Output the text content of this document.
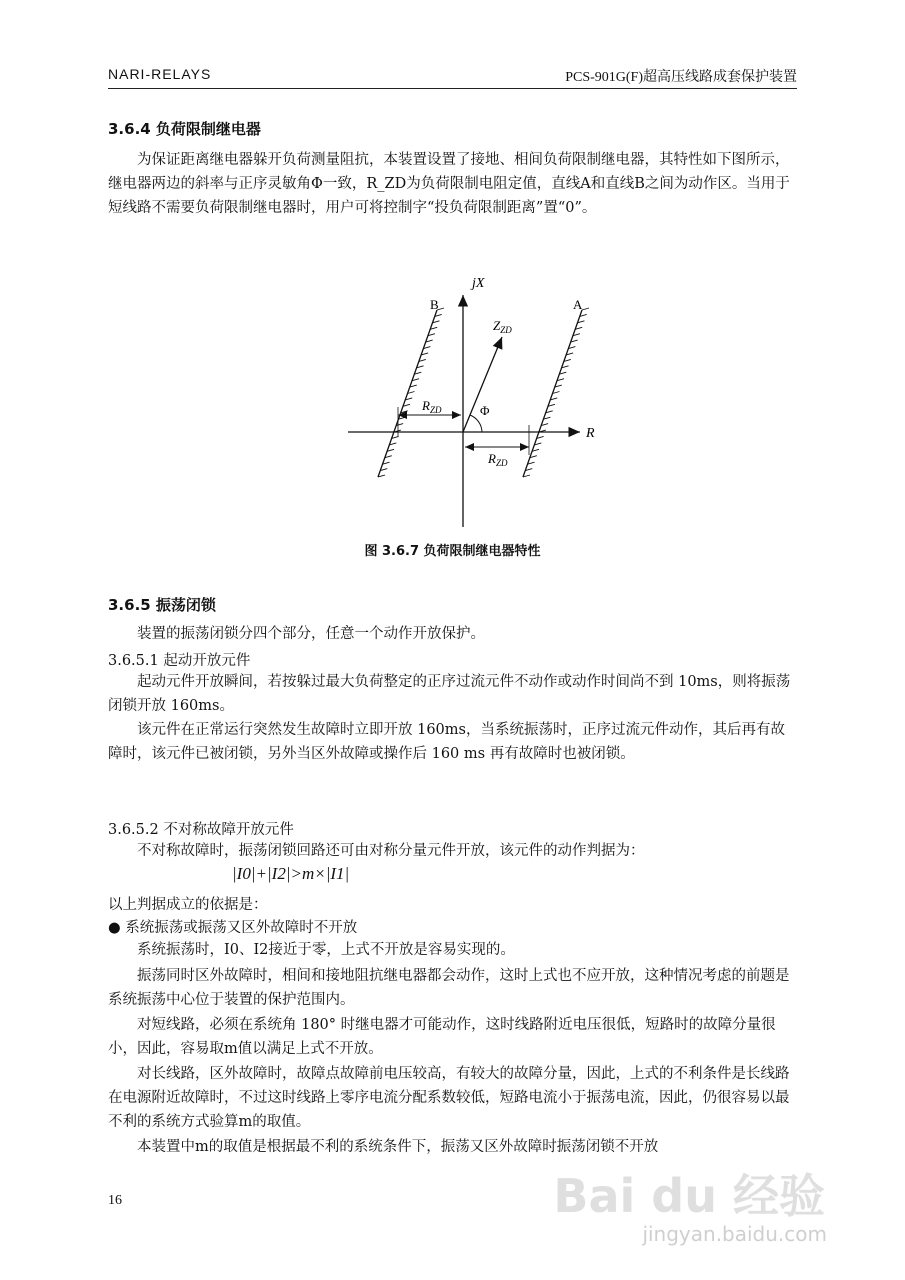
NARI-RELAYS	PCS-901G(F)超高压线路成套保护装置
3.6.4 负荷限制继电器

为保证距离继电器躲开负荷测量阻抗，本装置设置了接地、相间负荷限制继电器，其特性如下图所示，继电器两边的斜率与正序灵敏角Φ一致，R_ZD为负荷限制电阻定值，直线A和直线B之间为动作区。当用于短线路不需要负荷限制继电器时，用户可将控制字“投负荷限制距离”置“0”。

jX
R
B	A
$Z_{ZD}$
Φ
$R_{ZD}$
$R_{ZD}$
图 3.6.7 负荷限制继电器特性
3.6.5 振荡闭锁

装置的振荡闭锁分四个部分，任意一个动作开放保护。

3.6.5.1 起动开放元件

起动元件开放瞬间，若按躲过最大负荷整定的正序过流元件不动作或动作时间尚不到 10ms，则将振荡闭锁开放 160ms。

该元件在正常运行突然发生故障时立即开放 160ms，当系统振荡时，正序过流元件动作，其后再有故障时，该元件已被闭锁，另外当区外故障或操作后 160 ms 再有故障时也被闭锁。

3.6.5.2 不对称故障开放元件

不对称故障时，振荡闭锁回路还可由对称分量元件开放，该元件的动作判据为：

|I0|+|I2|>m×|I1|
以上判据成立的依据是：
● 系统振荡或振荡又区外故障时不开放

系统振荡时，I0、I2接近于零，上式不开放是容易实现的。

振荡同时区外故障时，相间和接地阻抗继电器都会动作，这时上式也不应开放，这种情况考虑的前题是系统振荡中心位于装置的保护范围内。

对短线路，必须在系统角 180° 时继电器才可能动作，这时线路附近电压很低，短路时的故障分量很小，因此，容易取m值以满足上式不开放。

对长线路，区外故障时，故障点故障前电压较高，有较大的故障分量，因此，上式的不利条件是长线路在电源附近故障时，不过这时线路上零序电流分配系数较低，短路电流小于振荡电流，因此，仍很容易以最不利的系统方式验算m的取值。

本装置中m的取值是根据最不利的系统条件下，振荡又区外故障时振荡闭锁不开放

16	Bai du 经验
jingyan.baidu.com
